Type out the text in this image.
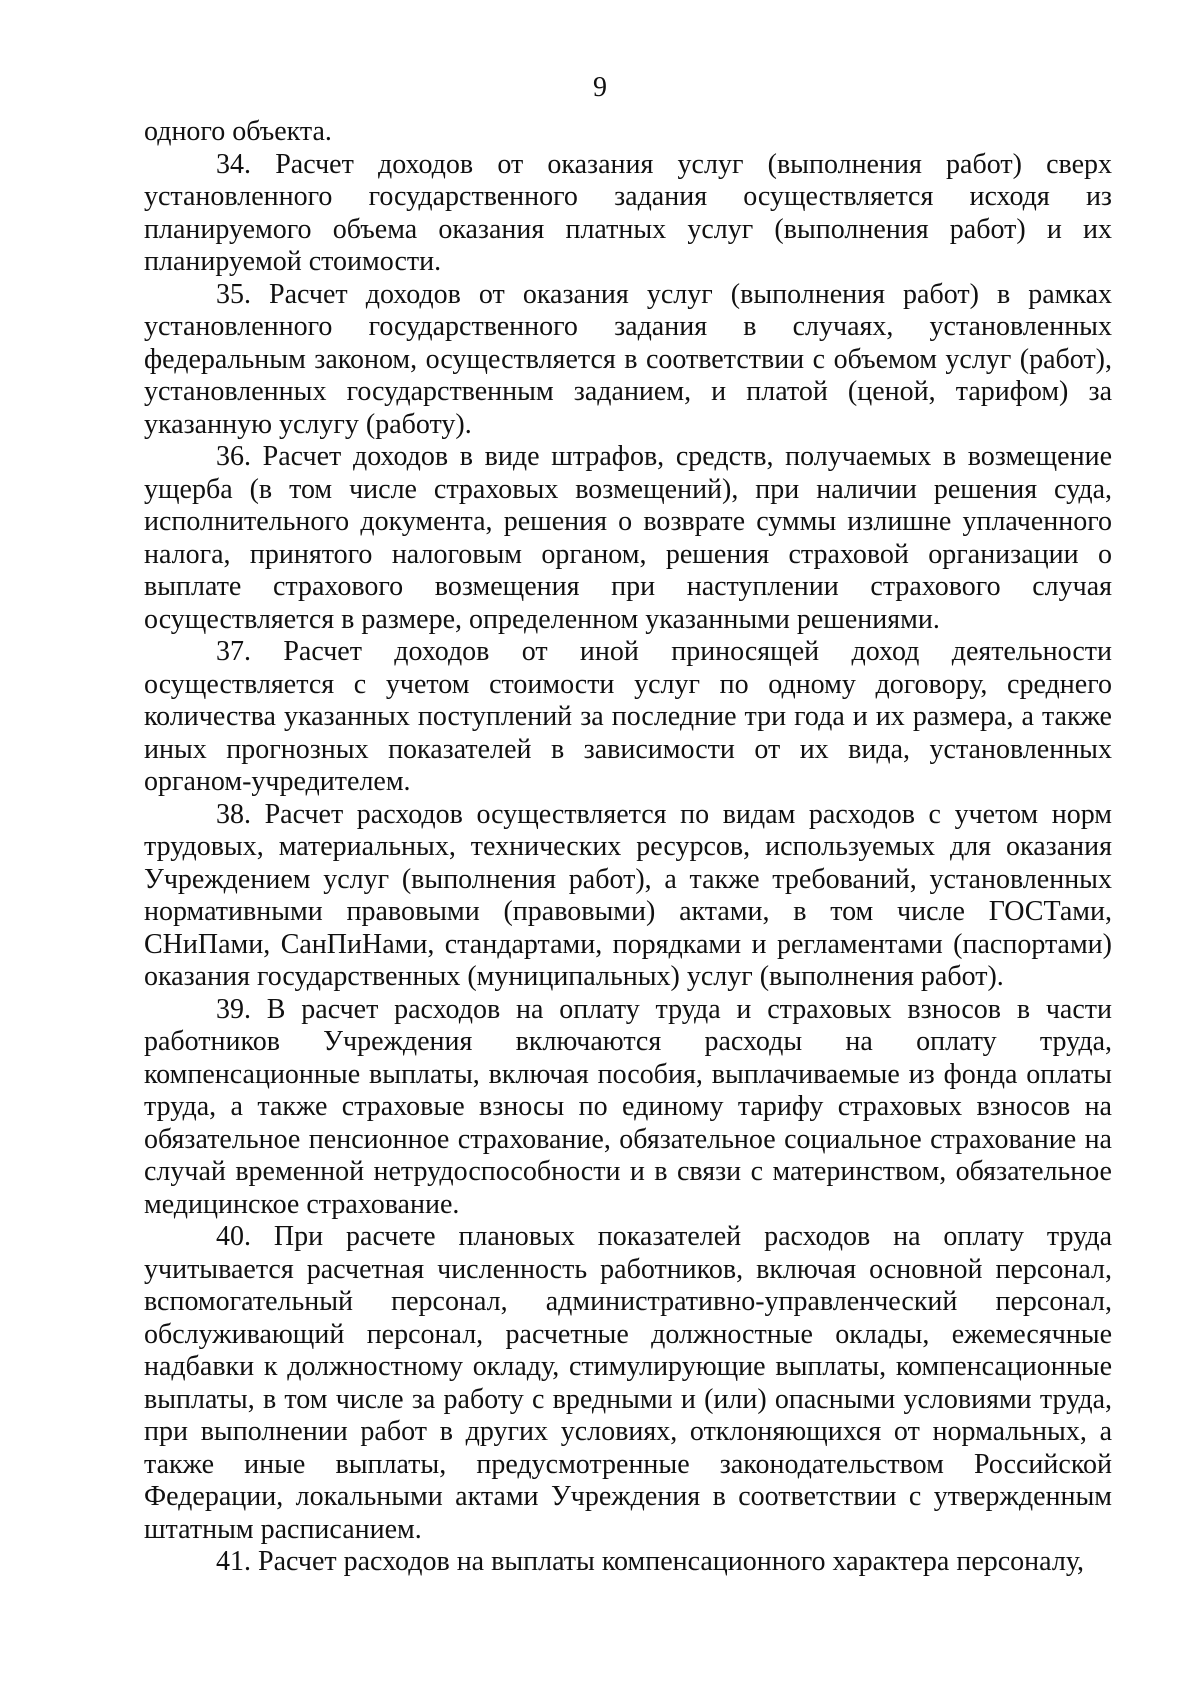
9

одного объекта.

34. Расчет доходов от оказания услуг (выполнения работ) сверх установленного государственного задания осуществляется исходя из планируемого объема оказания платных услуг (выполнения работ) и их планируемой стоимости.

35. Расчет доходов от оказания услуг (выполнения работ) в рамках установленного государственного задания в случаях, установленных федеральным законом, осуществляется в соответствии с объемом услуг (работ), установленных государственным заданием, и платой (ценой, тарифом) за указанную услугу (работу).

36. Расчет доходов в виде штрафов, средств, получаемых в возмещение ущерба (в том числе страховых возмещений), при наличии решения суда, исполнительного документа, решения о возврате суммы излишне уплаченного налога, принятого налоговым органом, решения страховой организации о выплате страхового возмещения при наступлении страхового случая осуществляется в размере, определенном указанными решениями.

37. Расчет доходов от иной приносящей доход деятельности осуществляется с учетом стоимости услуг по одному договору, среднего количества указанных поступлений за последние три года и их размера, а также иных прогнозных показателей в зависимости от их вида, установленных органом-учредителем.

38. Расчет расходов осуществляется по видам расходов с учетом норм трудовых, материальных, технических ресурсов, используемых для оказания Учреждением услуг (выполнения работ), а также требований, установленных нормативными правовыми (правовыми) актами, в том числе ГОСТами, СНиПами, СанПиНами, стандартами, порядками и регламентами (паспортами) оказания государственных (муниципальных) услуг (выполнения работ).

39. В расчет расходов на оплату труда и страховых взносов в части работников Учреждения включаются расходы на оплату труда, компенсационные выплаты, включая пособия, выплачиваемые из фонда оплаты труда, а также страховые взносы по единому тарифу страховых взносов на обязательное пенсионное страхование, обязательное социальное страхование на случай временной нетрудоспособности и в связи с материнством, обязательное медицинское страхование.

40. При расчете плановых показателей расходов на оплату труда учитывается расчетная численность работников, включая основной персонал, вспомогательный персонал, административно-управленческий персонал, обслуживающий персонал, расчетные должностные оклады, ежемесячные надбавки к должностному окладу, стимулирующие выплаты, компенсационные выплаты, в том числе за работу с вредными и (или) опасными условиями труда, при выполнении работ в других условиях, отклоняющихся от нормальных, а также иные выплаты, предусмотренные законодательством Российской Федерации, локальными актами Учреждения в соответствии с утвержденным штатным расписанием.

41. Расчет расходов на выплаты компенсационного характера персоналу,
